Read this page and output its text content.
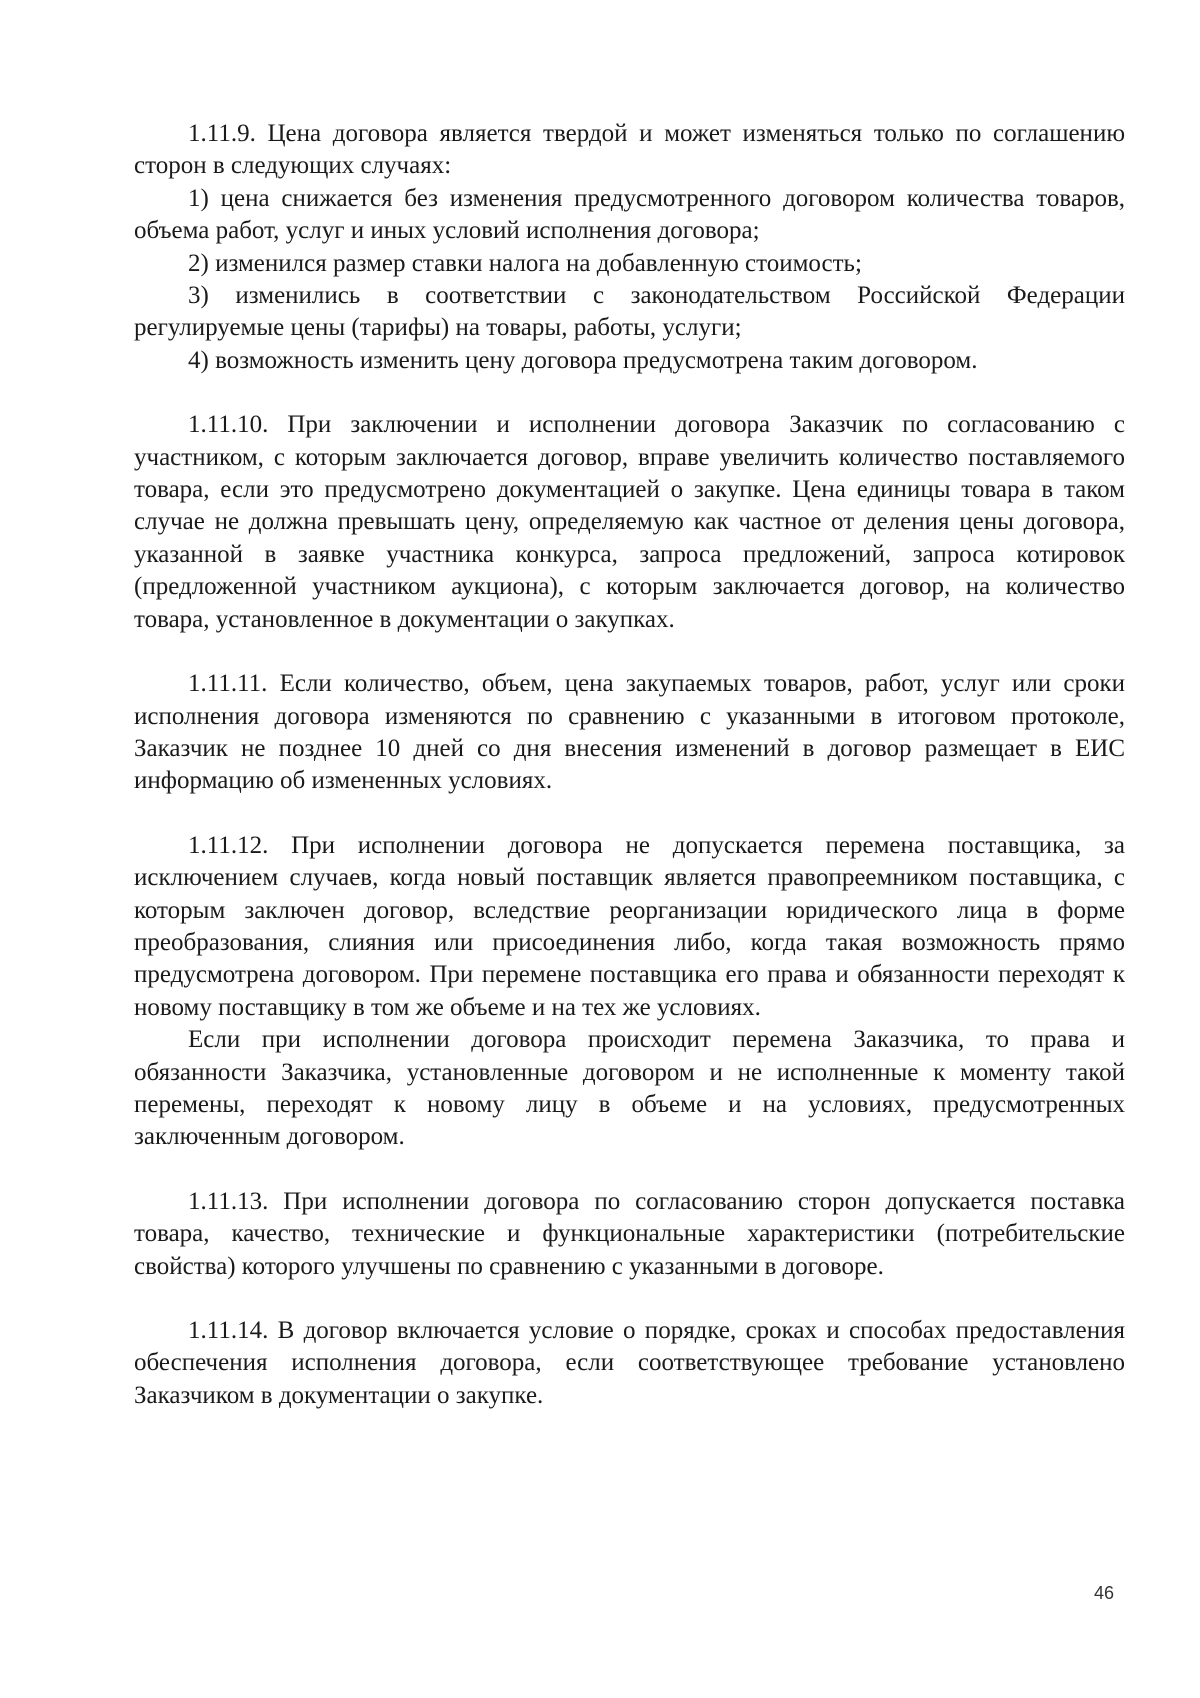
1.11.9. Цена договора является твердой и может изменяться только по соглашению сторон в следующих случаях:

1) цена снижается без изменения предусмотренного договором количества товаров, объема работ, услуг и иных условий исполнения договора;

2) изменился размер ставки налога на добавленную стоимость;

3) изменились в соответствии с законодательством Российской Федерации регулируемые цены (тарифы) на товары, работы, услуги;

4) возможность изменить цену договора предусмотрена таким договором.

1.11.10. При заключении и исполнении договора Заказчик по согласованию с участником, с которым заключается договор, вправе увеличить количество поставляемого товара, если это предусмотрено документацией о закупке. Цена единицы товара в таком случае не должна превышать цену, определяемую как частное от деления цены договора, указанной в заявке участника конкурса, запроса предложений, запроса котировок (предложенной участником аукциона), с которым заключается договор, на количество товара, установленное в документации о закупках.

1.11.11. Если количество, объем, цена закупаемых товаров, работ, услуг или сроки исполнения договора изменяются по сравнению с указанными в итоговом протоколе, Заказчик не позднее 10 дней со дня внесения изменений в договор размещает в ЕИС информацию об измененных условиях.

1.11.12. При исполнении договора не допускается перемена поставщика, за исключением случаев, когда новый поставщик является правопреемником поставщика, с которым заключен договор, вследствие реорганизации юридического лица в форме преобразования, слияния или присоединения либо, когда такая возможность прямо предусмотрена договором. При перемене поставщика его права и обязанности переходят к новому поставщику в том же объеме и на тех же условиях.

Если при исполнении договора происходит перемена Заказчика, то права и обязанности Заказчика, установленные договором и не исполненные к моменту такой перемены, переходят к новому лицу в объеме и на условиях, предусмотренных заключенным договором.

1.11.13. При исполнении договора по согласованию сторон допускается поставка товара, качество, технические и функциональные характеристики (потребительские свойства) которого улучшены по сравнению с указанными в договоре.

1.11.14. В договор включается условие о порядке, сроках и способах предоставления обеспечения исполнения договора, если соответствующее требование установлено Заказчиком в документации о закупке.

46
